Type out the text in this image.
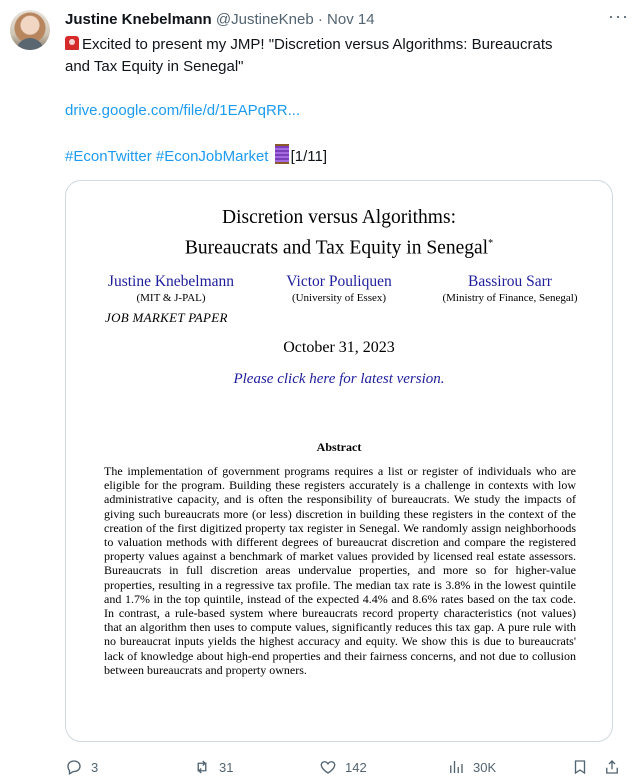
Justine Knebelmann @JustineKneb · Nov 14	···
Excited to present my JMP! "Discretion versus Algorithms: Bureaucrats
and Tax Equity in Senegal"

drive.google.com/file/d/1EAPqRR...

#EconTwitter #EconJobMarket [1/11]
Discretion versus Algorithms:
Bureaucrats and Tax Equity in Senegal*
Justine Knebelmann
(MIT & J-PAL)
JOB MARKET PAPER
Victor Pouliquen
(University of Essex)
Bassirou Sarr
(Ministry of Finance, Senegal)
October 31, 2023
Please click here for latest version.
Abstract
The implementation of government programs requires a list or register of individuals who are eligible for the program. Building these registers accurately is a challenge in contexts with low administrative capacity, and is often the responsibility of bureaucrats. We study the impacts of giving such bureaucrats more (or less) discretion in building these registers in the context of the creation of the first digitized property tax register in Senegal. We randomly assign neighborhoods to valuation methods with different degrees of bureaucrat discretion and compare the registered property values against a benchmark of market values provided by licensed real estate assessors. Bureaucrats in full discretion areas undervalue properties, and more so for higher-value properties, resulting in a regressive tax profile. The median tax rate is 3.8% in the lowest quintile and 1.7% in the top quintile, instead of the expected 4.4% and 8.6% rates based on the tax code. In contrast, a rule-based system where bureaucrats record property characteristics (not values) that an algorithm then uses to compute values, significantly reduces this tax gap. A pure rule with no bureaucrat inputs yields the highest accuracy and equity. We show this is due to bureaucrats' lack of knowledge about high-end properties and their fairness concerns, and not due to collusion between bureaucrats and property owners.
3	31	142	30K
